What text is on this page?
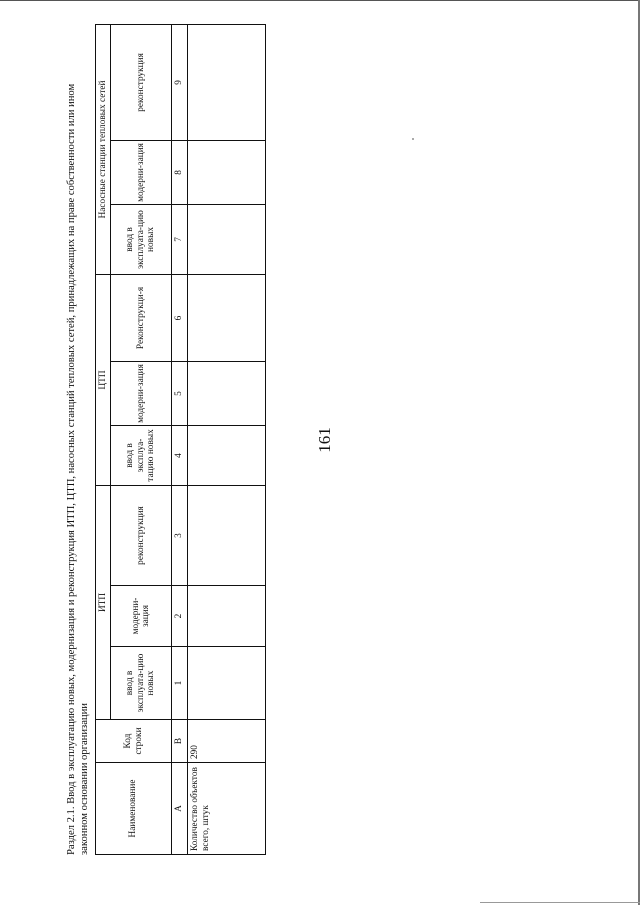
161
Раздел 2.1. Ввод в эксплуатацию новых, модернизация и реконструкция ИТП, ЦТП, насосных станций тепловых сетей, принадлежащих на праве собственности или ином законном основании организации	Наименование	Код строки	ИТП			ЦТП			Насосные станции тепловых сетей		
		ввод в эксплуата-цию новых	модерни-зация	реконструкция	ввод в эксплуа-тацию новых	модерни-зация	Реконструкци-я	ввод в эксплуата-цию новых	модерни-зация	реконструкция
А	В	1	2	3	4	5	6	7	8	9
Количество объектов всего, штук	290									
